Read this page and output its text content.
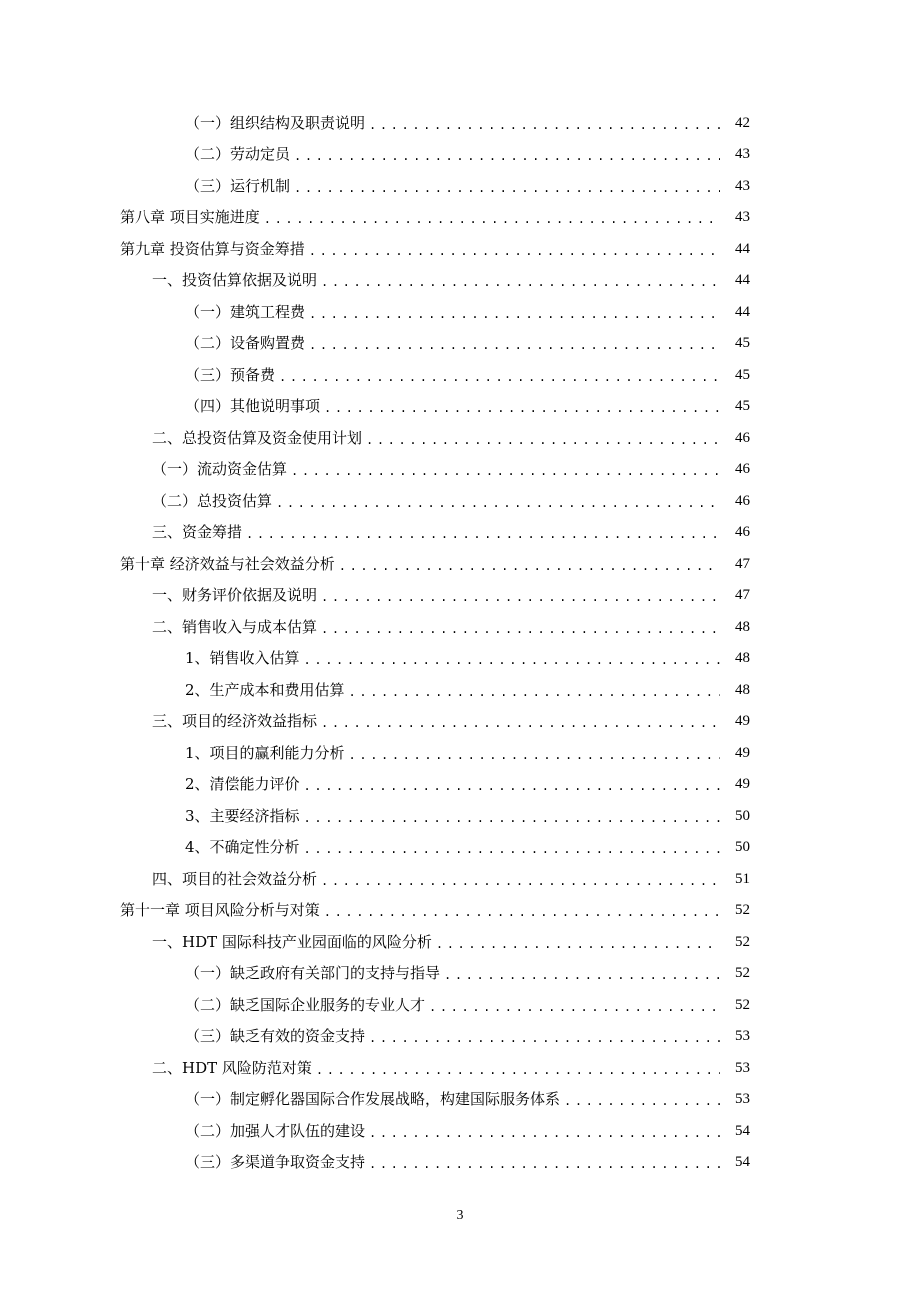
（一）组织结构及职责说明 .....	42
（二）劳动定员 .....	43
（三）运行机制 .....	43
第八章 项目实施进度 .....	43
第九章 投资估算与资金筹措 .....	44
一、投资估算依据及说明 .....	44
（一）建筑工程费 .....	44
（二）设备购置费 .....	45
（三）预备费 .....	45
（四）其他说明事项 .....	45
二、总投资估算及资金使用计划 .....	46
（一）流动资金估算 .....	46
（二）总投资估算 .....	46
三、资金筹措 .....	46
第十章 经济效益与社会效益分析 .....	47
一、财务评价依据及说明 .....	47
二、销售收入与成本估算 .....	48
1、销售收入估算 .....	48
2、生产成本和费用估算 .....	48
三、项目的经济效益指标 .....	49
1、项目的赢利能力分析 .....	49
2、清偿能力评价 .....	49
3、主要经济指标 .....	50
4、不确定性分析 .....	50
四、项目的社会效益分析 .....	51
第十一章 项目风险分析与对策 .....	52
一、HDT 国际科技产业园面临的风险分析 .....	52
（一）缺乏政府有关部门的支持与指导 .....	52
（二）缺乏国际企业服务的专业人才 .....	52
（三）缺乏有效的资金支持 .....	53
二、HDT 风险防范对策 .....	53
（一）制定孵化器国际合作发展战略，构建国际服务体系 .....	53
（二）加强人才队伍的建设 .....	54
（三）多渠道争取资金支持 .....	54
3
